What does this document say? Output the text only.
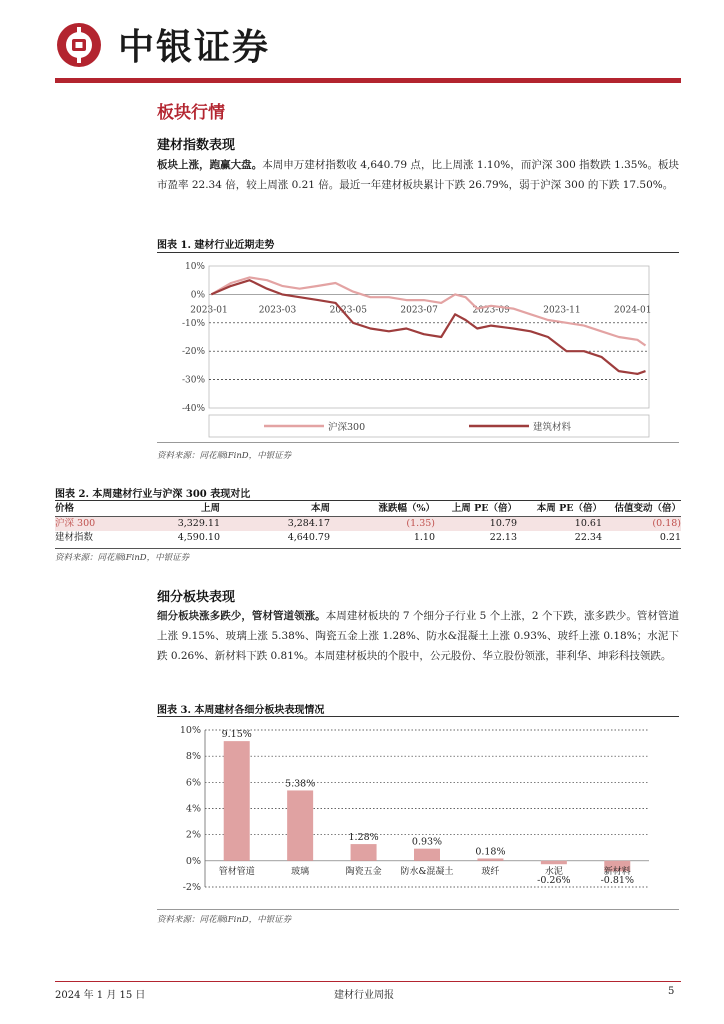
中银证券
板块行情
建材指数表现
板块上涨，跑赢大盘。本周申万建材指数收 4,640.79 点，比上周涨 1.10%，而沪深 300 指数跌 1.35%。板块市盈率 22.34 倍，较上周涨 0.21 倍。最近一年建材板块累计下跌 26.79%，弱于沪深 300 的下跌 17.50%。
图表 1. 建材行业近期走势
10%
0%
-10%
-20%
-30%
-40%
2023-01	2023-03	2023-05	2023-07	2023-09	2023-11	2024-01
沪深300	建筑材料
资料来源：同花顺iFinD，中银证券
图表 2. 本周建材行业与沪深 300 表现对比
价格	上周	本周	涨跌幅（%）	上周 PE（倍）	本周 PE（倍）	估值变动（倍）
沪深 300	3,329.11	3,284.17	(1.35)	10.79	10.61	(0.18)
建材指数	4,590.10	4,640.79	1.10	22.13	22.34	0.21
资料来源：同花顺iFinD，中银证券
细分板块表现
细分板块涨多跌少，管材管道领涨。本周建材板块的 7 个细分子行业 5 个上涨，2 个下跌，涨多跌少。管材管道上涨 9.15%、玻璃上涨 5.38%、陶瓷五金上涨 1.28%、防水&混凝土上涨 0.93%、玻纤上涨 0.18%；水泥下跌 0.26%、新材料下跌 0.81%。本周建材板块的个股中，公元股份、华立股份领涨，菲利华、坤彩科技领跌。
图表 3. 本周建材各细分板块表现情况
10%
8%
6%
4%
2%
0%
-2%
9.15%
管材管道
5.38%
玻璃
1.28%
陶瓷五金
0.93%
防水&混凝土
0.18%
玻纤
-0.26%
水泥
-0.81%
新材料
资料来源：同花顺iFinD，中银证券
2024 年 1 月 15 日	建材行业周报	5
